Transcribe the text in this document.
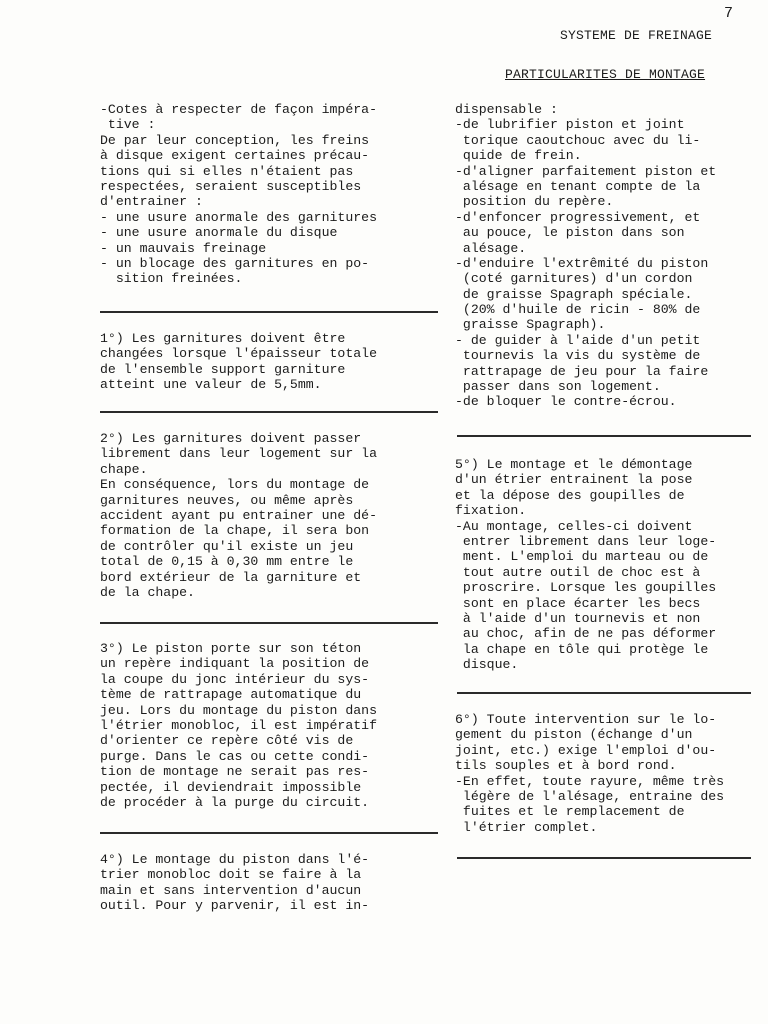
7
SYSTEME DE FREINAGE
PARTICULARITES DE MONTAGE
-Cotes à respecter de façon impéra-
tive :
De par leur conception, les freins
à disque exigent certaines précau-
tions qui si elles n'étaient pas
respectées, seraient susceptibles
d'entrainer :
- une usure anormale des garnitures
- une usure anormale du disque
- un mauvais freinage
- un blocage des garnitures en po-
sition freinées.
1°) Les garnitures doivent être
changées lorsque l'épaisseur totale
de l'ensemble support garniture
atteint une valeur de 5,5mm.
2°) Les garnitures doivent passer
librement dans leur logement sur la
chape.
En conséquence, lors du montage de
garnitures neuves, ou même après
accident ayant pu entrainer une dé-
formation de la chape, il sera bon
de contrôler qu'il existe un jeu
total de 0,15 à 0,30 mm entre le
bord extérieur de la garniture et
de la chape.
3°) Le piston porte sur son téton
un repère indiquant la position de
la coupe du jonc intérieur du sys-
tème de rattrapage automatique du
jeu. Lors du montage du piston dans
l'étrier monobloc, il est impératif
d'orienter ce repère côté vis de
purge. Dans le cas ou cette condi-
tion de montage ne serait pas res-
pectée, il deviendrait impossible
de procéder à la purge du circuit.
4°) Le montage du piston dans l'é-
trier monobloc doit se faire à la
main et sans intervention d'aucun
outil. Pour y parvenir, il est in-
dispensable :
-de lubrifier piston et joint
torique caoutchouc avec du li-
quide de frein.
-d'aligner parfaitement piston et
alésage en tenant compte de la
position du repère.
-d'enfoncer progressivement, et
au pouce, le piston dans son
alésage.
-d'enduire l'extrêmité du piston
(coté garnitures) d'un cordon
de graisse Spagraph spéciale.
(20% d'huile de ricin - 80% de
graisse Spagraph).
- de guider à l'aide d'un petit
tournevis la vis du système de
rattrapage de jeu pour la faire
passer dans son logement.
-de bloquer le contre-écrou.
5°) Le montage et le démontage
d'un étrier entrainent la pose
et la dépose des goupilles de
fixation.
-Au montage, celles-ci doivent
entrer librement dans leur loge-
ment. L'emploi du marteau ou de
tout autre outil de choc est à
proscrire. Lorsque les goupilles
sont en place écarter les becs
à l'aide d'un tournevis et non
au choc, afin de ne pas déformer
la chape en tôle qui protège le
disque.
6°) Toute intervention sur le lo-
gement du piston (échange d'un
joint, etc.) exige l'emploi d'ou-
tils souples et à bord rond.
-En effet, toute rayure, même très
légère de l'alésage, entraine des
fuites et le remplacement de
l'étrier complet.
